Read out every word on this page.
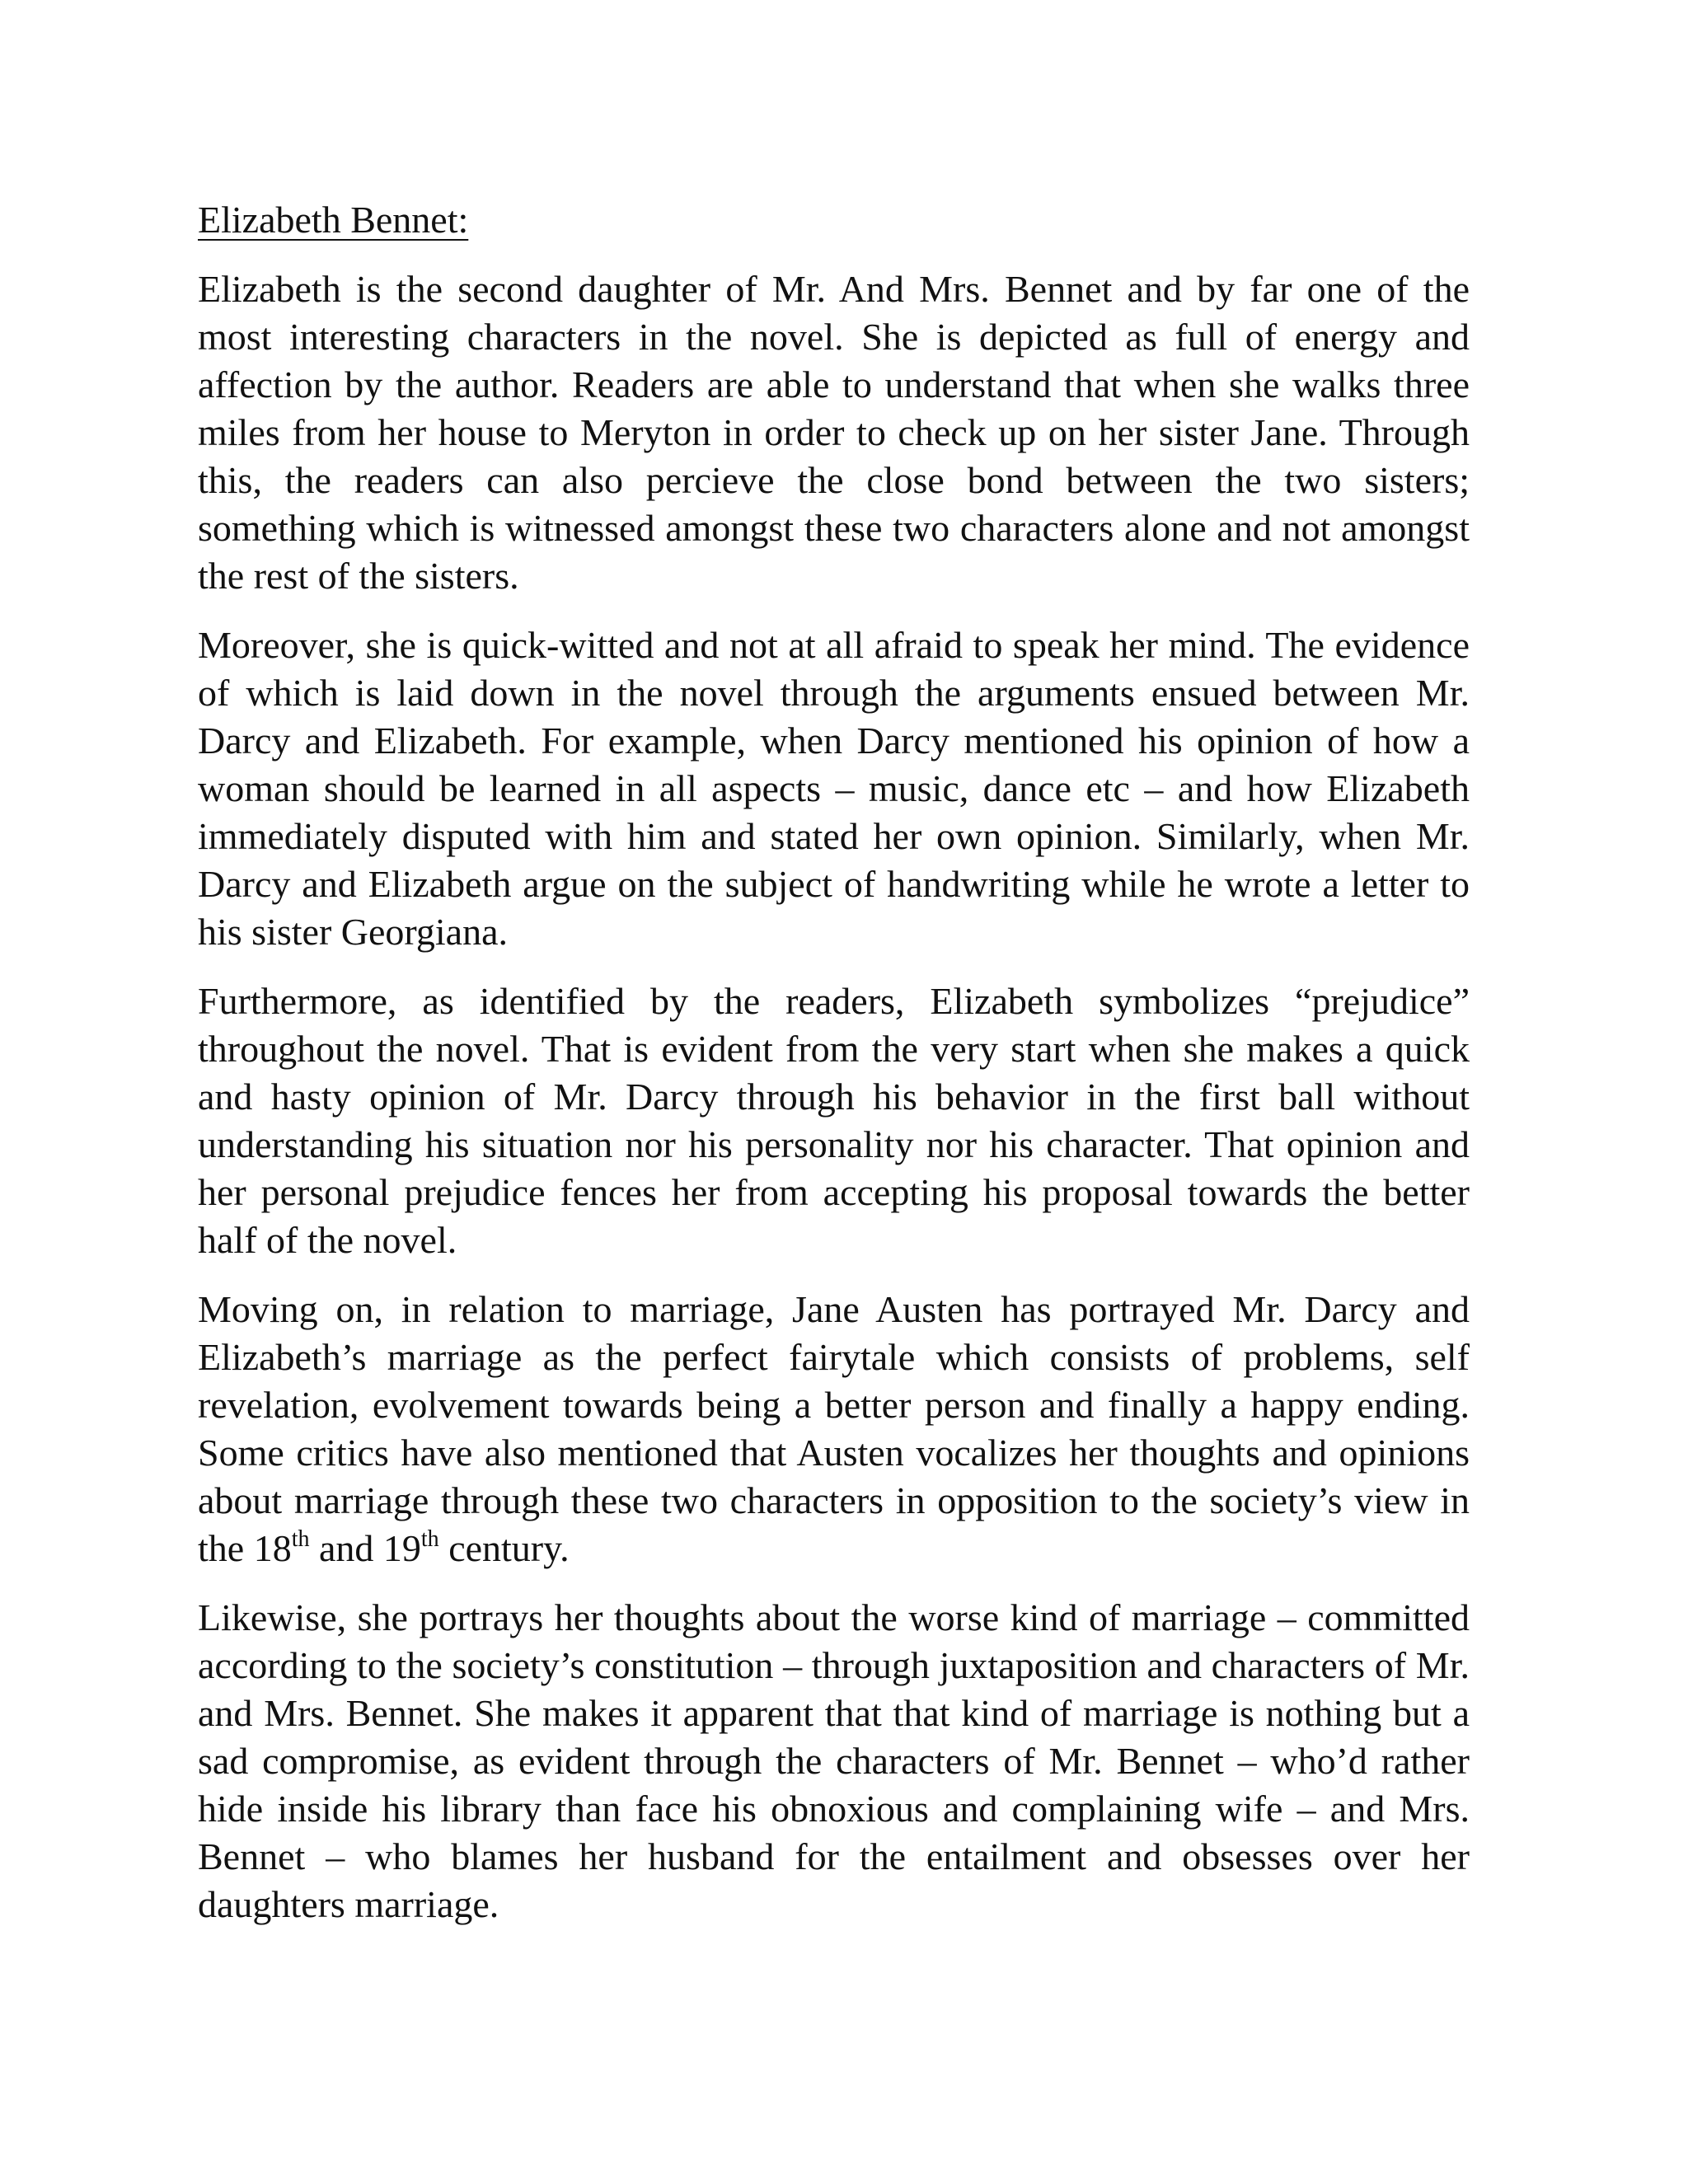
Elizabeth Bennet:

Elizabeth is the second daughter of Mr. And Mrs. Bennet and by far one of the most interesting characters in the novel. She is depicted as full of energy and affection by the author. Readers are able to understand that when she walks three miles from her house to Meryton in order to check up on her sister Jane. Through this, the readers can also percieve the close bond between the two sisters; something which is witnessed amongst these two characters alone and not amongst the rest of the sisters.

Moreover, she is quick-witted and not at all afraid to speak her mind. The evidence of which is laid down in the novel through the arguments ensued between Mr. Darcy and Elizabeth. For example, when Darcy mentioned his opinion of how a woman should be learned in all aspects – music, dance etc – and how Elizabeth immediately disputed with him and stated her own opinion. Similarly, when Mr. Darcy and Elizabeth argue on the subject of handwriting while he wrote a letter to his sister Georgiana.

Furthermore, as identified by the readers, Elizabeth symbolizes “prejudice” throughout the novel. That is evident from the very start when she makes a quick and hasty opinion of Mr. Darcy through his behavior in the first ball without understanding his situation nor his personality nor his character. That opinion and her personal prejudice fences her from accepting his proposal towards the better half of the novel.

Moving on, in relation to marriage, Jane Austen has portrayed Mr. Darcy and Elizabeth’s marriage as the perfect fairytale which consists of problems, self revelation, evolvement towards being a better person and finally a happy ending. Some critics have also mentioned that Austen vocalizes her thoughts and opinions about marriage through these two characters in opposition to the society’s view in the 18th and 19th century.

Likewise, she portrays her thoughts about the worse kind of marriage – committed according to the society’s constitution – through juxtaposition and characters of Mr. and Mrs. Bennet. She makes it apparent that that kind of marriage is nothing but a sad compromise, as evident through the characters of Mr. Bennet – who’d rather hide inside his library than face his obnoxious and complaining wife – and Mrs. Bennet – who blames her husband for the entailment and obsesses over her daughters marriage.
